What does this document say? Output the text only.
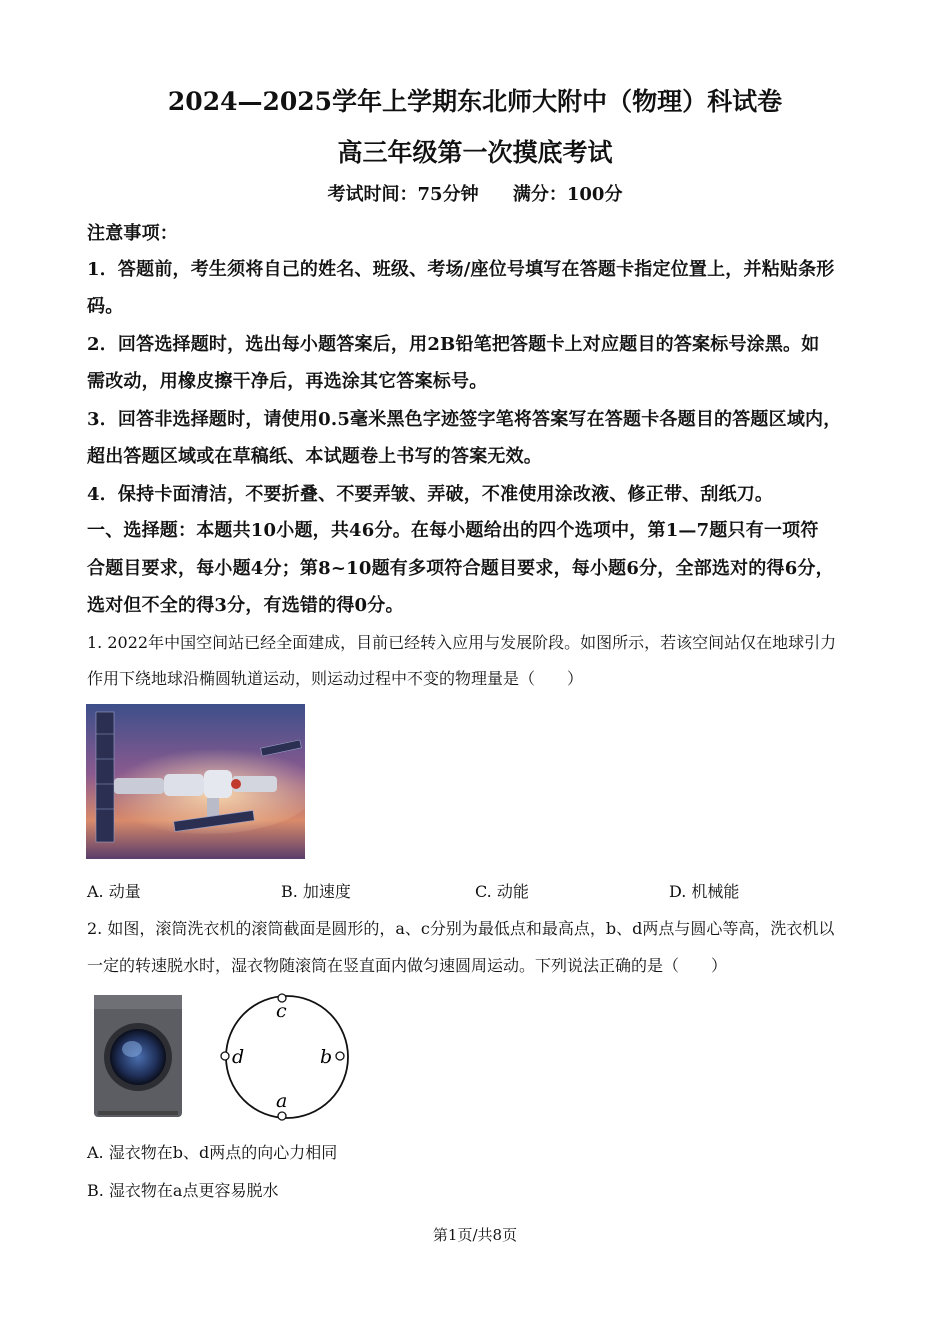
2024—2025学年上学期东北师大附中（物理）科试卷
高三年级第一次摸底考试
考试时间：75分钟 满分：100分
注意事项：
1．答题前，考生须将自己的姓名、班级、考场/座位号填写在答题卡指定位置上，并粘贴条形
码。
2．回答选择题时，选出每小题答案后，用2B铅笔把答题卡上对应题目的答案标号涂黑。如
需改动，用橡皮擦干净后，再选涂其它答案标号。
3．回答非选择题时，请使用0.5毫米黑色字迹签字笔将答案写在答题卡各题目的答题区域内，
超出答题区域或在草稿纸、本试题卷上书写的答案无效。
4．保持卡面清洁，不要折叠、不要弄皱、弄破，不准使用涂改液、修正带、刮纸刀。
一、选择题：本题共10小题，共46分。在每小题给出的四个选项中，第1—7题只有一项符
合题目要求，每小题4分；第8~10题有多项符合题目要求，每小题6分，全部选对的得6分，
选对但不全的得3分，有选错的得0分。
1. 2022年中国空间站已经全面建成，目前已经转入应用与发展阶段。如图所示，若该空间站仅在地球引力
作用下绕地球沿椭圆轨道运动，则运动过程中不变的物理量是（　　）
A. 动量	B. 加速度	C. 动能	D. 机械能
2. 如图，滚筒洗衣机的滚筒截面是圆形的，a、c分别为最低点和最高点，b、d两点与圆心等高，洗衣机以
一定的转速脱水时，湿衣物随滚筒在竖直面内做匀速圆周运动。下列说法正确的是（　　）
c
d	b
a
A. 湿衣物在b、d两点的向心力相同
B. 湿衣物在a点更容易脱水
第1页/共8页
